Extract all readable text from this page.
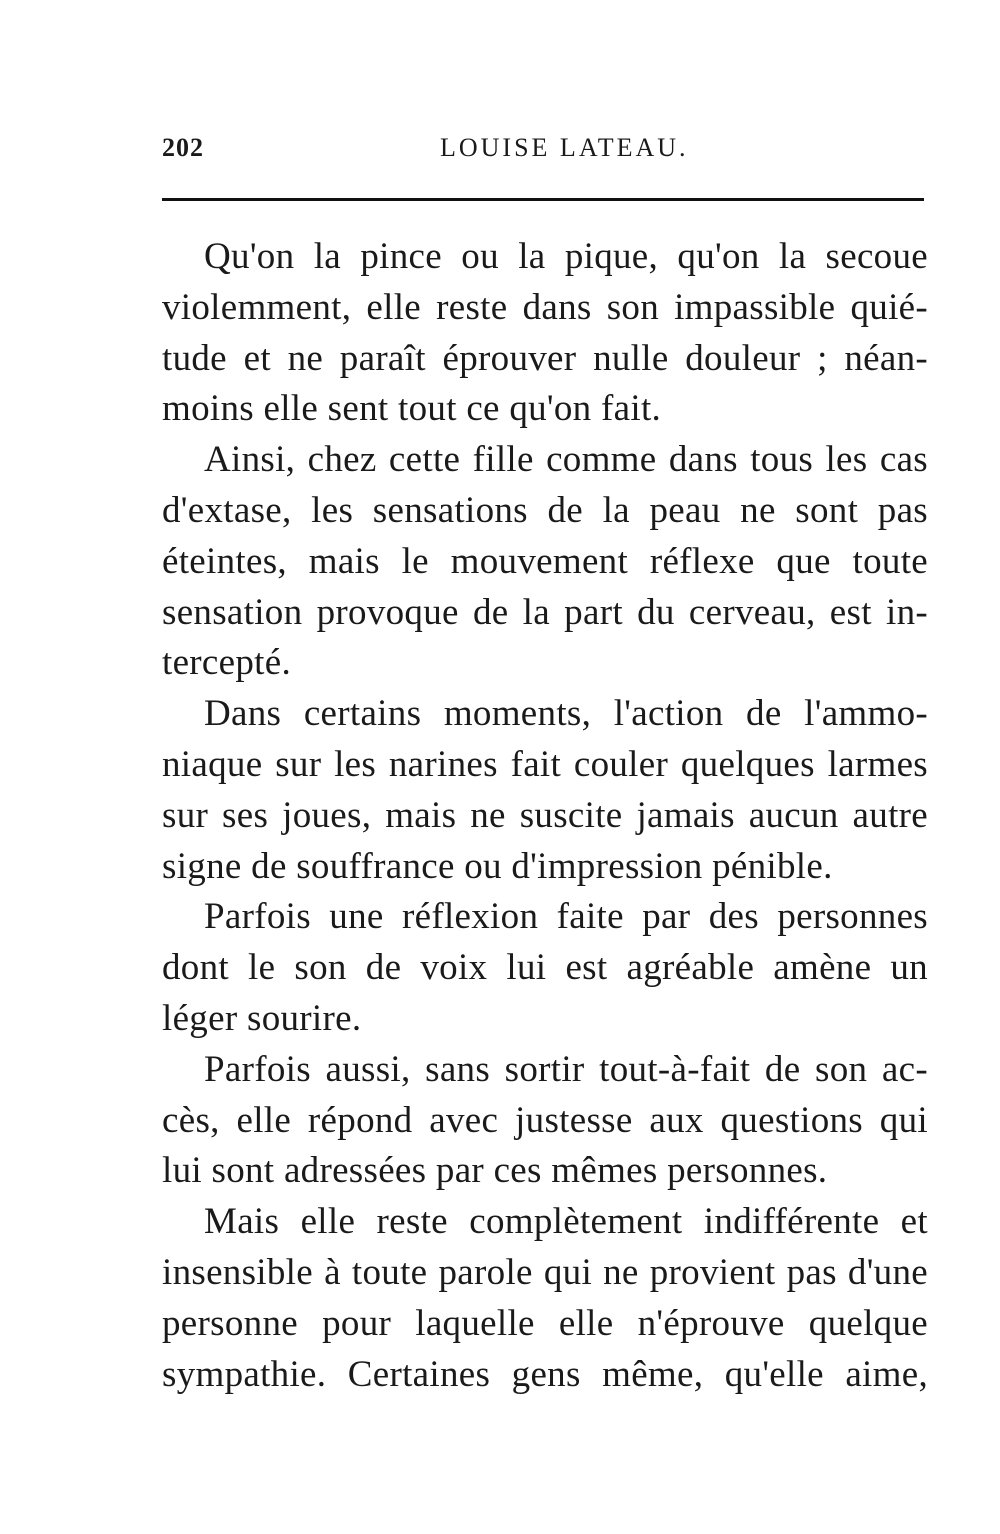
202	LOUISE LATEAU.
Qu'on la pince ou la pique, qu'on la secoue
violemment, elle reste dans son impassible quié-
tude et ne paraît éprouver nulle douleur ; néan-
moins elle sent tout ce qu'on fait.
Ainsi, chez cette fille comme dans tous les cas
d'extase, les sensations de la peau ne sont pas
éteintes, mais le mouvement réflexe que toute
sensation provoque de la part du cerveau, est in-
tercepté.
Dans certains moments, l'action de l'ammo-
niaque sur les narines fait couler quelques larmes
sur ses joues, mais ne suscite jamais aucun autre
signe de souffrance ou d'impression pénible.
Parfois une réflexion faite par des personnes
dont le son de voix lui est agréable amène un
léger sourire.
Parfois aussi, sans sortir tout-à-fait de son ac-
cès, elle répond avec justesse aux questions qui
lui sont adressées par ces mêmes personnes.
Mais elle reste complètement indifférente et
insensible à toute parole qui ne provient pas d'une
personne pour laquelle elle n'éprouve quelque
sympathie. Certaines gens même, qu'elle aime,
